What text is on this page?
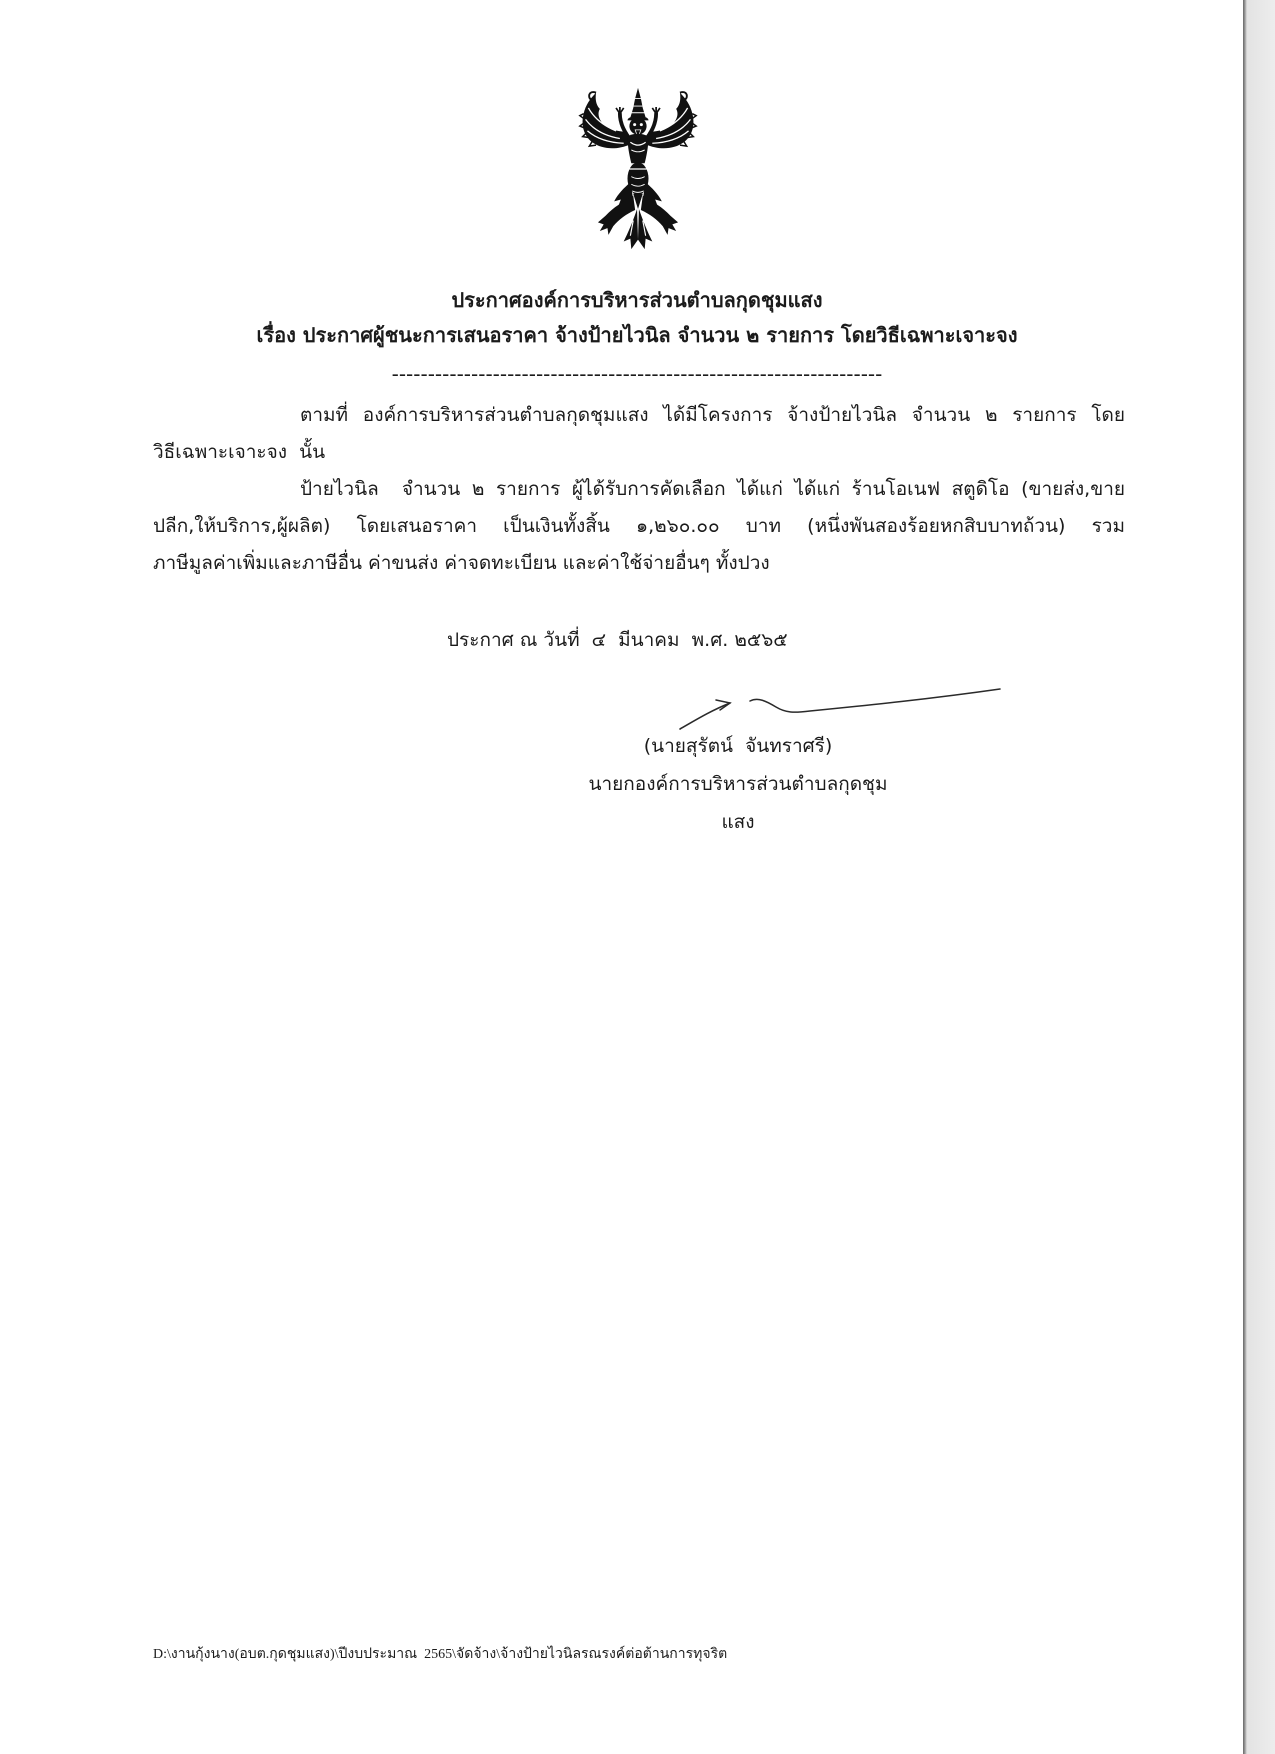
ประกาศองค์การบริหารส่วนตำบลกุดชุมแสง
เรื่อง ประกาศผู้ชนะการเสนอราคา จ้างป้ายไวนิล จำนวน ๒ รายการ โดยวิธีเฉพาะเจาะจง
--------------------------------------------------------------------
ตามที่ องค์การบริหารส่วนตำบลกุดชุมแสง ได้มีโครงการ จ้างป้ายไวนิล จำนวน ๒ รายการ โดย
วิธีเฉพาะเจาะจง  นั้น
ป้ายไวนิล  จำนวน ๒ รายการ ผู้ได้รับการคัดเลือก ได้แก่ ได้แก่ ร้านโอเนฟ สตูดิโอ (ขายส่ง,ขาย
ปลีก,ให้บริการ,ผู้ผลิต) โดยเสนอราคา เป็นเงินทั้งสิ้น ๑,๒๖๐.๐๐ บาท (หนึ่งพันสองร้อยหกสิบบาทถ้วน) รวม
ภาษีมูลค่าเพิ่มและภาษีอื่น ค่าขนส่ง ค่าจดทะเบียน และค่าใช้จ่ายอื่นๆ ทั้งปวง
ประกาศ ณ วันที่  ๔  มีนาคม  พ.ศ. ๒๕๖๕
(นายสุรัตน์  จันทราศรี)
นายกองค์การบริหารส่วนตำบลกุดชุมแสง
D:\งานกุ้งนาง(อบต.กุดชุมแสง)\ปีงบประมาณ  2565\จัดจ้าง\จ้างป้ายไวนิลรณรงค์ต่อต้านการทุจริต
